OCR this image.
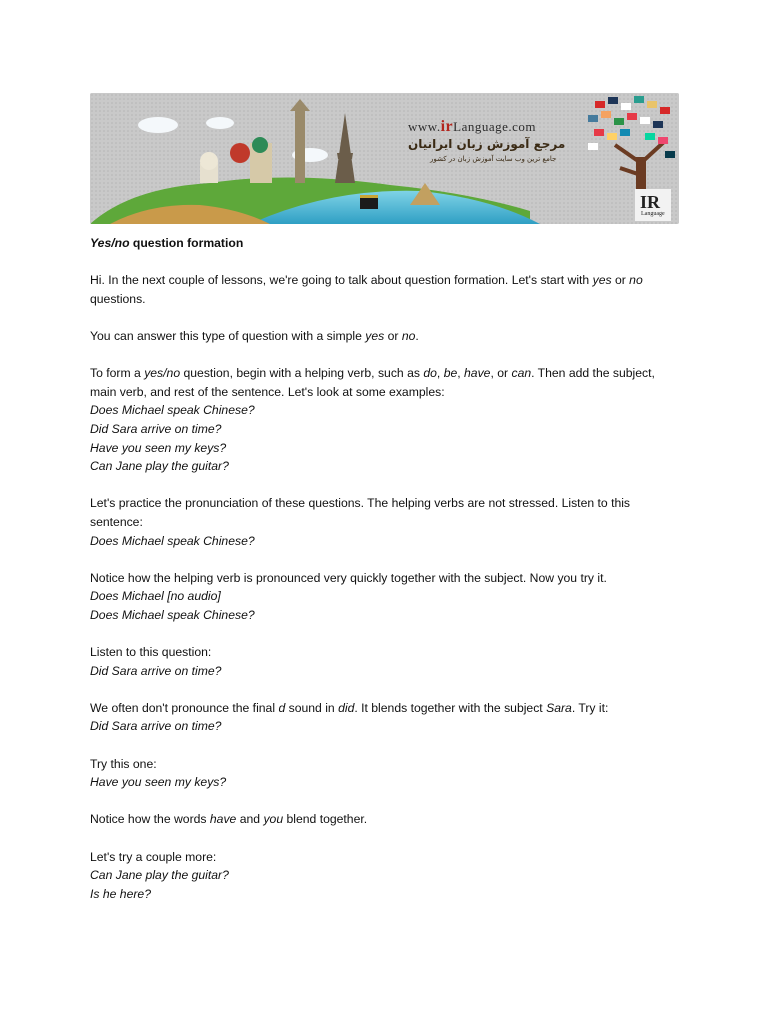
www.irLanguage.com
مرجع آموزش زبان ایرانیان
جامع ترین وب سایت آموزش زبان در کشور
IR
Language

Yes/no question formation

Hi. In the next couple of lessons, we're going to talk about question formation. Let's start with yes or no
questions.

You can answer this type of question with a simple yes or no.

To form a yes/no question, begin with a helping verb, such as do, be, have, or can. Then add the subject,
main verb, and rest of the sentence. Let's look at some examples:
Does Michael speak Chinese?
Did Sara arrive on time?
Have you seen my keys?
Can Jane play the guitar?

Let's practice the pronunciation of these questions. The helping verbs are not stressed. Listen to this
sentence:
Does Michael speak Chinese?

Notice how the helping verb is pronounced very quickly together with the subject. Now you try it.
Does Michael [no audio]
Does Michael speak Chinese?

Listen to this question:
Did Sara arrive on time?

We often don't pronounce the final d sound in did. It blends together with the subject Sara. Try it:
Did Sara arrive on time?

Try this one:
Have you seen my keys?

Notice how the words have and you blend together.

Let's try a couple more:
Can Jane play the guitar?
Is he here?
